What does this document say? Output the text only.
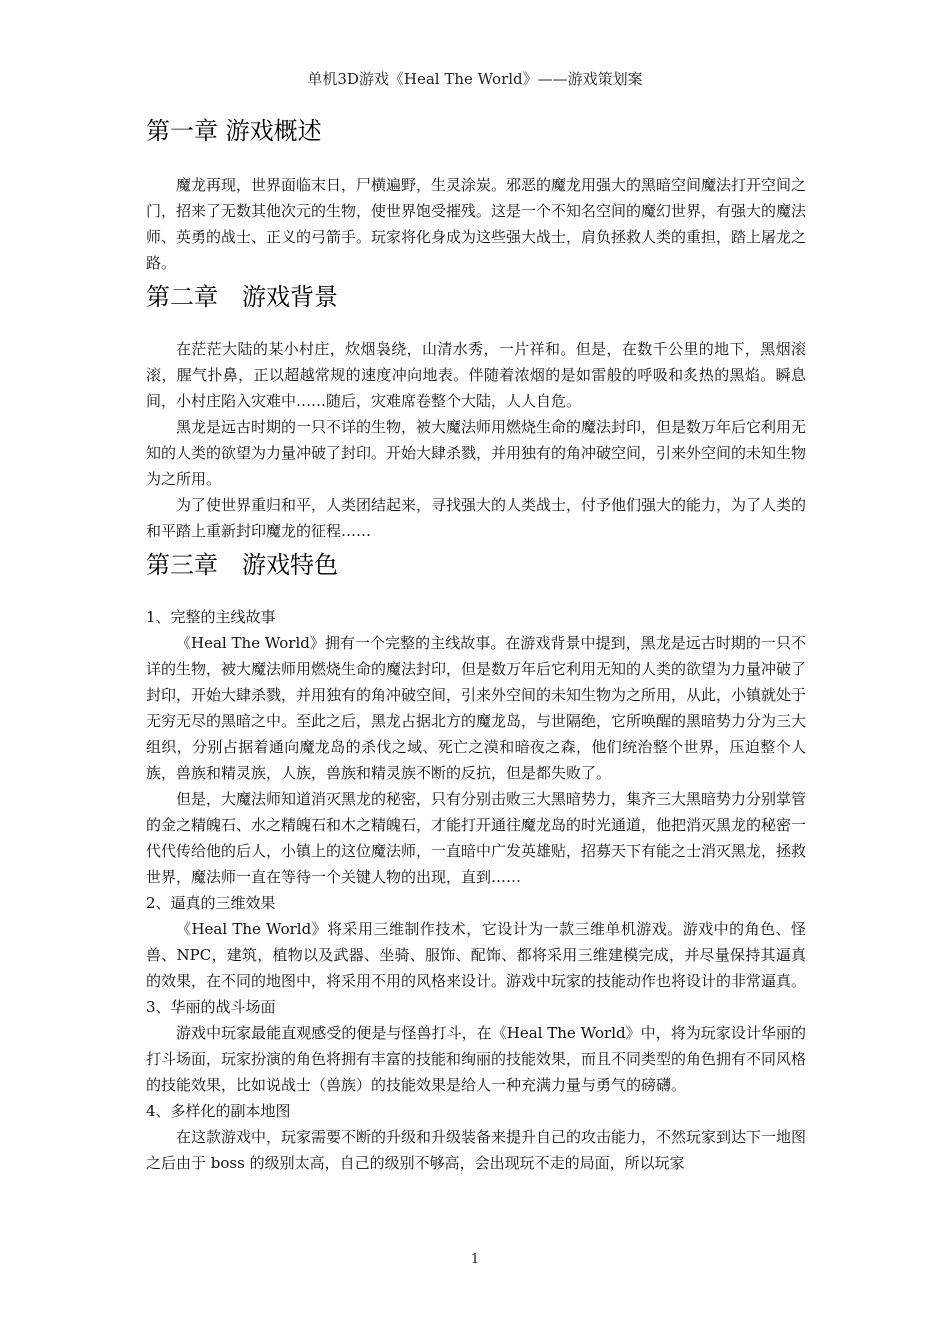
单机3D游戏《Heal The World》——游戏策划案
第一章 游戏概述

魔龙再现，世界面临末日，尸横遍野，生灵涂炭。邪恶的魔龙用强大的黑暗空间魔法打开空间之门，招来了无数其他次元的生物，使世界饱受摧残。这是一个不知名空间的魔幻世界，有强大的魔法师、英勇的战士、正义的弓箭手。玩家将化身成为这些强大战士，肩负拯救人类的重担，踏上屠龙之路。

第二章　游戏背景

在茫茫大陆的某小村庄，炊烟袅绕，山清水秀，一片祥和。但是，在数千公里的地下，黑烟滚滚，腥气扑鼻，正以超越常规的速度冲向地表。伴随着浓烟的是如雷般的呼吸和炙热的黑焰。瞬息间，小村庄陷入灾难中……随后，灾难席卷整个大陆，人人自危。

黑龙是远古时期的一只不详的生物，被大魔法师用燃烧生命的魔法封印，但是数万年后它利用无知的人类的欲望为力量冲破了封印。开始大肆杀戮，并用独有的角冲破空间，引来外空间的未知生物为之所用。

为了使世界重归和平，人类团结起来，寻找强大的人类战士，付予他们强大的能力，为了人类的和平踏上重新封印魔龙的征程……

第三章　游戏特色
1、完整的主线故事

《Heal The World》拥有一个完整的主线故事。在游戏背景中提到，黑龙是远古时期的一只不详的生物，被大魔法师用燃烧生命的魔法封印，但是数万年后它利用无知的人类的欲望为力量冲破了封印，开始大肆杀戮，并用独有的角冲破空间，引来外空间的未知生物为之所用，从此，小镇就处于无穷无尽的黑暗之中。至此之后，黑龙占据北方的魔龙岛，与世隔绝，它所唤醒的黑暗势力分为三大组织，分别占据着通向魔龙岛的杀伐之域、死亡之漠和暗夜之森，他们统治整个世界，压迫整个人族，兽族和精灵族，人族，兽族和精灵族不断的反抗，但是都失败了。

但是，大魔法师知道消灭黑龙的秘密，只有分别击败三大黑暗势力，集齐三大黑暗势力分别掌管的金之精魄石、水之精魄石和木之精魄石，才能打开通往魔龙岛的时光通道，他把消灭黑龙的秘密一代代传给他的后人，小镇上的这位魔法师，一直暗中广发英雄贴，招募天下有能之士消灭黑龙，拯救世界，魔法师一直在等待一个关键人物的出现，直到……

2、逼真的三维效果

《Heal The World》将采用三维制作技术，它设计为一款三维单机游戏。游戏中的角色、怪兽、NPC，建筑，植物以及武器、坐骑、服饰、配饰、都将采用三维建模完成，并尽量保持其逼真的效果，在不同的地图中，将采用不用的风格来设计。游戏中玩家的技能动作也将设计的非常逼真。

3、华丽的战斗场面

游戏中玩家最能直观感受的便是与怪兽打斗，在《Heal The World》中，将为玩家设计华丽的打斗场面，玩家扮演的角色将拥有丰富的技能和绚丽的技能效果，而且不同类型的角色拥有不同风格的技能效果，比如说战士（兽族）的技能效果是给人一种充满力量与勇气的磅礴。

4、多样化的副本地图

在这款游戏中，玩家需要不断的升级和升级装备来提升自己的攻击能力，不然玩家到达下一地图之后由于 boss 的级别太高，自己的级别不够高，会出现玩不走的局面，所以玩家

1
